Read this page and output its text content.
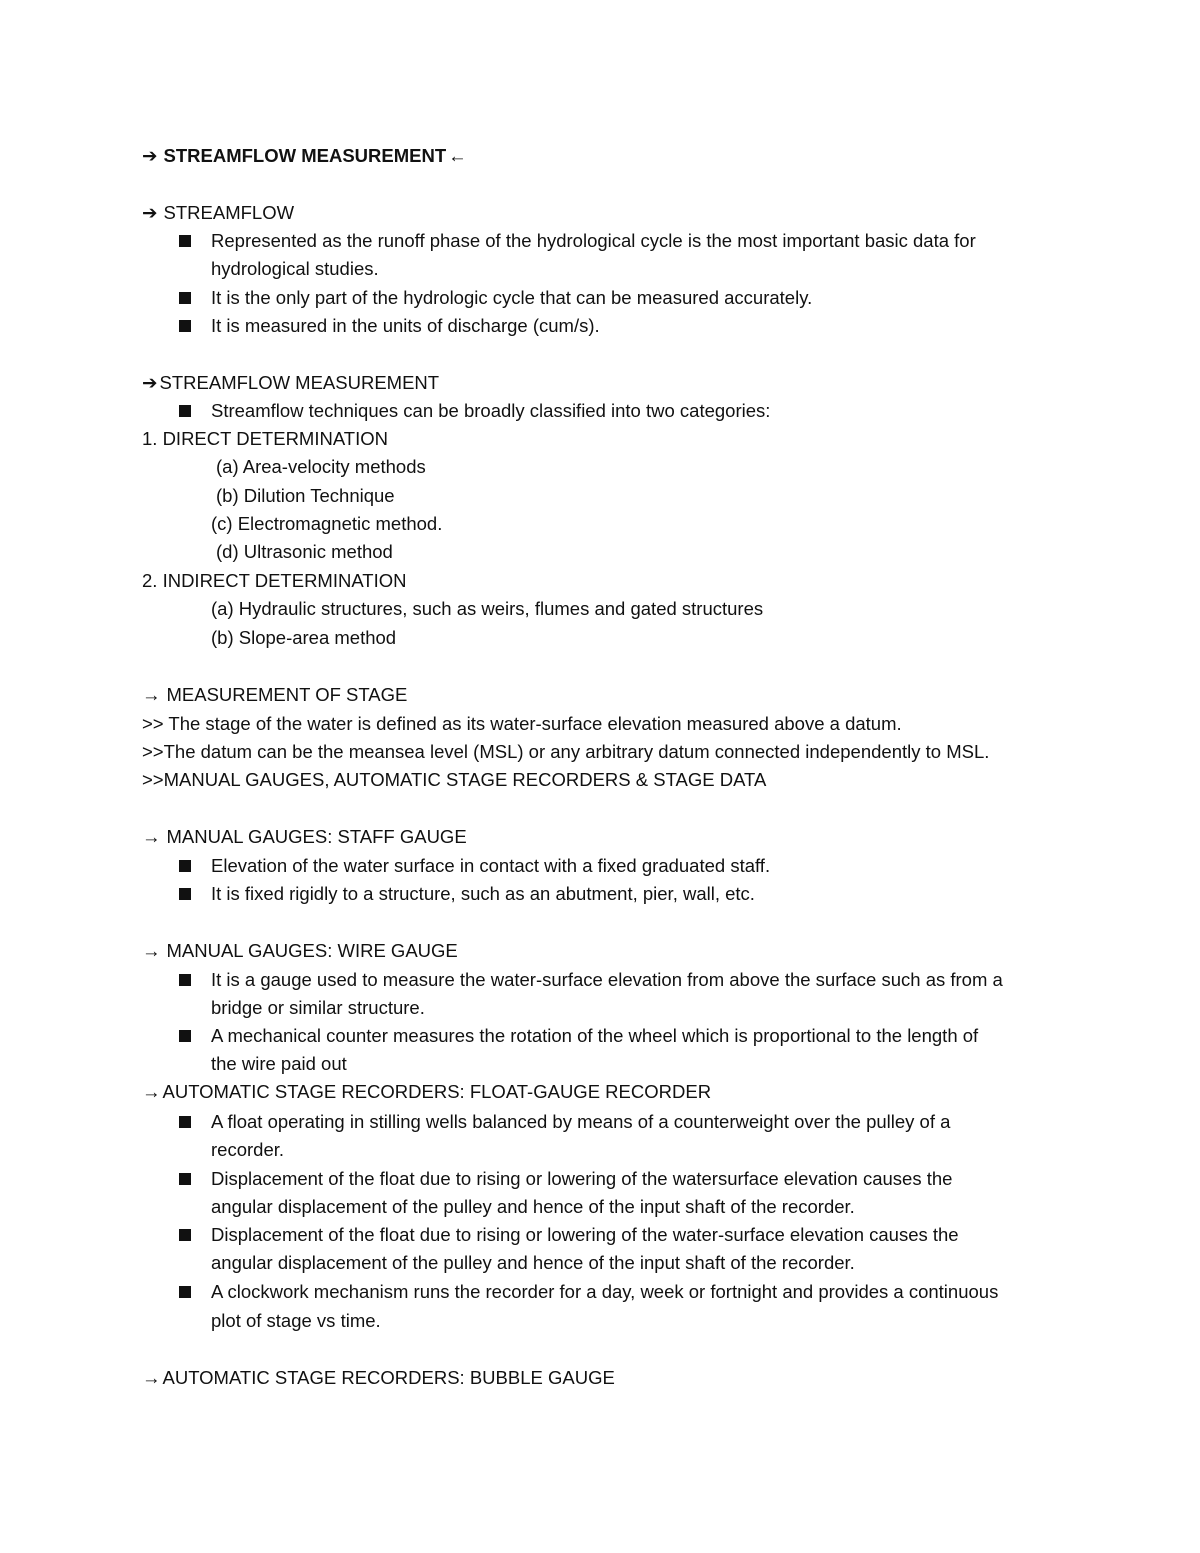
➔ STREAMFLOW MEASUREMENT ←
➔ STREAMFLOW
Represented as the runoff phase of the hydrological cycle is the most important basic data for
hydrological studies.
It is the only part of the hydrologic cycle that can be measured accurately.
It is measured in the units of discharge (cum/s).
➔ STREAMFLOW MEASUREMENT
Streamflow techniques can be broadly classified into two categories:
1. DIRECT DETERMINATION
(a) Area-velocity methods
(b) Dilution Technique
(c) Electromagnetic method.
(d) Ultrasonic method
2. INDIRECT DETERMINATION
(a) Hydraulic structures, such as weirs, flumes and gated structures
(b) Slope-area method
→ MEASUREMENT OF STAGE
>> The stage of the water is defined as its water-surface elevation measured above a datum.
>>The datum can be the meansea level (MSL) or any arbitrary datum connected independently to MSL.
>>MANUAL GAUGES, AUTOMATIC STAGE RECORDERS & STAGE DATA
→ MANUAL GAUGES: STAFF GAUGE
Elevation of the water surface in contact with a fixed graduated staff.
It is fixed rigidly to a structure, such as an abutment, pier, wall, etc.
→ MANUAL GAUGES: WIRE GAUGE
It is a gauge used to measure the water-surface elevation from above the surface such as from a
bridge or similar structure.
A mechanical counter measures the rotation of the wheel which is proportional to the length of
the wire paid out
→ AUTOMATIC STAGE RECORDERS: FLOAT-GAUGE RECORDER
A float operating in stilling wells balanced by means of a counterweight over the pulley of a
recorder.
Displacement of the float due to rising or lowering of the watersurface elevation causes the
angular displacement of the pulley and hence of the input shaft of the recorder.
Displacement of the float due to rising or lowering of the water-surface elevation causes the
angular displacement of the pulley and hence of the input shaft of the recorder.
A clockwork mechanism runs the recorder for a day, week or fortnight and provides a continuous
plot of stage vs time.
→ AUTOMATIC STAGE RECORDERS: BUBBLE GAUGE
